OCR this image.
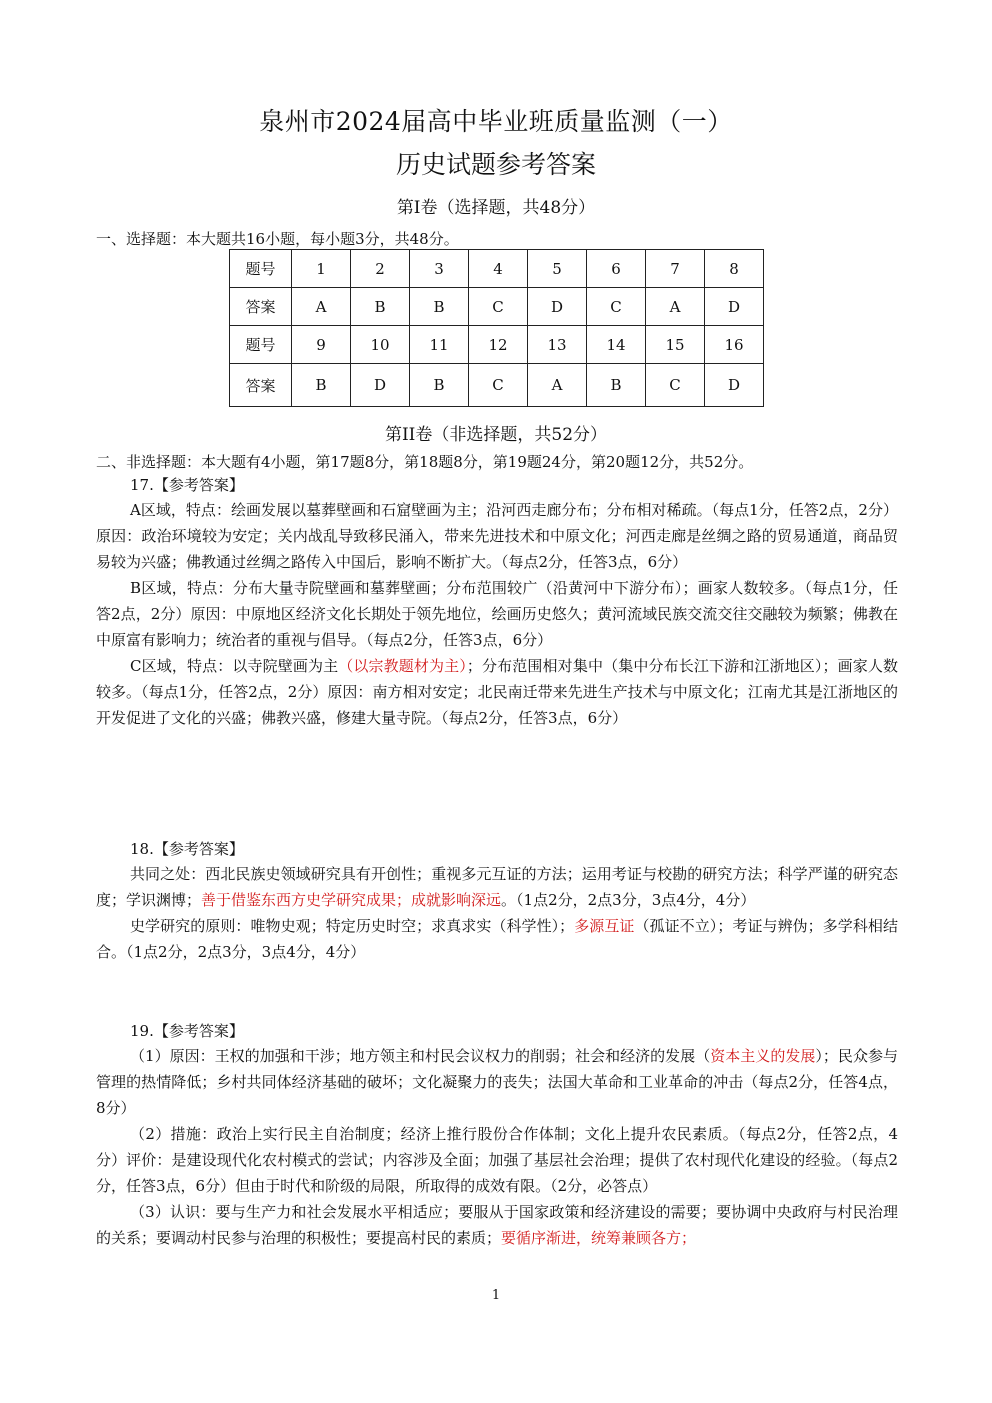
泉州市2024届高中毕业班质量监测（一）
历史试题参考答案
第I卷（选择题，共48分）
一、选择题：本大题共16小题，每小题3分，共48分。
题号	1	2	3	4	5	6	7	8
答案	A	B	B	C	D	C	A	D
题号	9	10	11	12	13	14	15	16
答案	B	D	B	C	A	B	C	D
第II卷（非选择题，共52分）
二、非选择题：本大题有4小题，第17题8分，第18题8分，第19题24分，第20题12分，共52分。
17.【参考答案】

A区域，特点：绘画发展以墓葬壁画和石窟壁画为主；沿河西走廊分布；分布相对稀疏。（每点1分，任答2点，2分）原因：政治环境较为安定；关内战乱导致移民涌入，带来先进技术和中原文化；河西走廊是丝绸之路的贸易通道，商品贸易较为兴盛；佛教通过丝绸之路传入中国后，影响不断扩大。（每点2分，任答3点，6分）

B区域，特点：分布大量寺院壁画和墓葬壁画；分布范围较广（沿黄河中下游分布）；画家人数较多。（每点1分，任答2点，2分）原因：中原地区经济文化长期处于领先地位，绘画历史悠久；黄河流域民族交流交往交融较为频繁；佛教在中原富有影响力；统治者的重视与倡导。（每点2分，任答3点，6分）

C区域，特点：以寺院壁画为主（以宗教题材为主）；分布范围相对集中（集中分布长江下游和江浙地区）；画家人数较多。（每点1分，任答2点，2分）原因：南方相对安定；北民南迁带来先进生产技术与中原文化；江南尤其是江浙地区的开发促进了文化的兴盛；佛教兴盛，修建大量寺院。（每点2分，任答3点，6分）

18.【参考答案】

共同之处：西北民族史领域研究具有开创性；重视多元互证的方法；运用考证与校勘的研究方法；科学严谨的研究态度；学识渊博；善于借鉴东西方史学研究成果；成就影响深远。（1点2分，2点3分，3点4分，4分）

史学研究的原则：唯物史观；特定历史时空；求真求实（科学性）；多源互证（孤证不立）；考证与辨伪；多学科相结合。（1点2分，2点3分，3点4分，4分）

19.【参考答案】

（1）原因：王权的加强和干涉；地方领主和村民会议权力的削弱；社会和经济的发展（资本主义的发展）；民众参与管理的热情降低；乡村共同体经济基础的破坏；文化凝聚力的丧失；法国大革命和工业革命的冲击（每点2分，任答4点，8分）

（2）措施：政治上实行民主自治制度；经济上推行股份合作体制；文化上提升农民素质。（每点2分，任答2点，4分）评价：是建设现代化农村模式的尝试；内容涉及全面；加强了基层社会治理；提供了农村现代化建设的经验。（每点2分，任答3点，6分）但由于时代和阶级的局限，所取得的成效有限。（2分，必答点）

（3）认识：要与生产力和社会发展水平相适应；要服从于国家政策和经济建设的需要；要协调中央政府与村民治理的关系；要调动村民参与治理的积极性；要提高村民的素质；要循序渐进，统筹兼顾各方；

1
